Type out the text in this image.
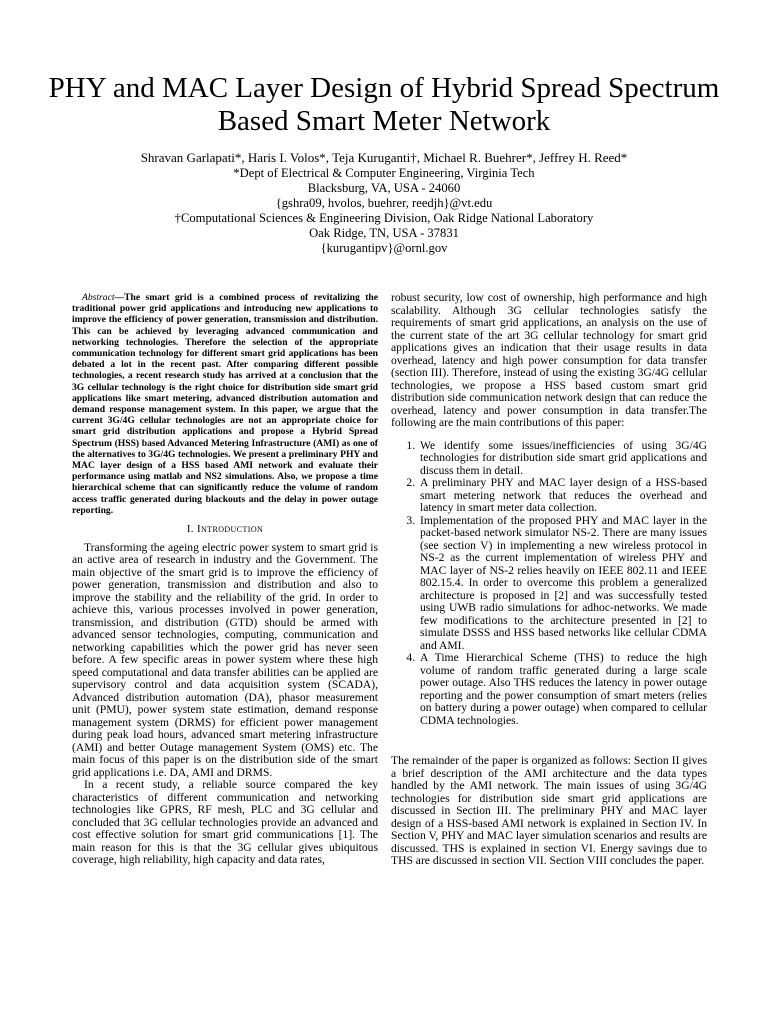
PHY and MAC Layer Design of Hybrid Spread Spectrum Based Smart Meter Network
Shravan Garlapati*, Haris I. Volos*, Teja Kuruganti†, Michael R. Buehrer*, Jeffrey H. Reed*
*Dept of Electrical & Computer Engineering, Virginia Tech
Blacksburg, VA, USA - 24060
{gshra09, hvolos, buehrer, reedjh}@vt.edu
†Computational Sciences & Engineering Division, Oak Ridge National Laboratory
Oak Ridge, TN, USA - 37831
{kurugantipv}@ornl.gov

Abstract—The smart grid is a combined process of revitalizing the traditional power grid applications and introducing new applications to improve the efficiency of power generation, transmission and distribution. This can be achieved by leveraging advanced communication and networking technologies. Therefore the selection of the appropriate communication technology for different smart grid applications has been debated a lot in the recent past. After comparing different possible technologies, a recent research study has arrived at a conclusion that the 3G cellular technology is the right choice for distribution side smart grid applications like smart metering, advanced distribution automation and demand response management system. In this paper, we argue that the current 3G/4G cellular technologies are not an appropriate choice for smart grid distribution applications and propose a Hybrid Spread Spectrum (HSS) based Advanced Metering Infrastructure (AMI) as one of the alternatives to 3G/4G technologies. We present a preliminary PHY and MAC layer design of a HSS based AMI network and evaluate their performance using matlab and NS2 simulations. Also, we propose a time hierarchical scheme that can significantly reduce the volume of random access traffic generated during blackouts and the delay in power outage reporting.

I. Introduction

Transforming the ageing electric power system to smart grid is an active area of research in industry and the Government. The main objective of the smart grid is to improve the efficiency of power generation, transmission and distribution and also to improve the stability and the reliability of the grid. In order to achieve this, various processes involved in power generation, transmission, and distribution (GTD) should be armed with advanced sensor technologies, computing, communication and networking capabilities which the power grid has never seen before. A few specific areas in power system where these high speed computational and data transfer abilities can be applied are supervisory control and data acquisition system (SCADA), Advanced distribution automation (DA), phasor measurement unit (PMU), power system state estimation, demand response management system (DRMS) for efficient power management during peak load hours, advanced smart metering infrastructure (AMI) and better Outage management System (OMS) etc. The main focus of this paper is on the distribution side of the smart grid applications i.e. DA, AMI and DRMS.

In a recent study, a reliable source compared the key characteristics of different communication and networking technologies like GPRS, RF mesh, PLC and 3G cellular and concluded that 3G cellular technologies provide an advanced and cost effective solution for smart grid communications [1]. The main reason for this is that the 3G cellular gives ubiquitous coverage, high reliability, high capacity and data rates,

robust security, low cost of ownership, high performance and high scalability. Although 3G cellular technologies satisfy the requirements of smart grid applications, an analysis on the use of the current state of the art 3G cellular technology for smart grid applications gives an indication that their usage results in data overhead, latency and high power consumption for data transfer (section III). Therefore, instead of using the existing 3G/4G cellular technologies, we propose a HSS based custom smart grid distribution side communication network design that can reduce the overhead, latency and power consumption in data transfer.The following are the main contributions of this paper:

1. We identify some issues/inefficiencies of using 3G/4G technologies for distribution side smart grid applications and discuss them in detail.
2. A preliminary PHY and MAC layer design of a HSS-based smart metering network that reduces the overhead and latency in smart meter data collection.
3. Implementation of the proposed PHY and MAC layer in the packet-based network simulator NS-2. There are many issues (see section V) in implementing a new wireless protocol in NS-2 as the current implementation of wireless PHY and MAC layer of NS-2 relies heavily on IEEE 802.11 and IEEE 802.15.4. In order to overcome this problem a generalized architecture is proposed in [2] and was successfully tested using UWB radio simulations for adhoc-networks. We made few modifications to the architecture presented in [2] to simulate DSSS and HSS based networks like cellular CDMA and AMI.
4. A Time Hierarchical Scheme (THS) to reduce the high volume of random traffic generated during a large scale power outage. Also THS reduces the latency in power outage reporting and the power consumption of smart meters (relies on battery during a power outage) when compared to cellular CDMA technologies.

The remainder of the paper is organized as follows: Section II gives a brief description of the AMI architecture and the data types handled by the AMI network. The main issues of using 3G/4G technologies for distribution side smart grid applications are discussed in Section III. The preliminary PHY and MAC layer design of a HSS-based AMI network is explained in Section IV. In Section V, PHY and MAC layer simulation scenarios and results are discussed. THS is explained in section VI. Energy savings due to THS are discussed in section VII. Section VIII concludes the paper.
